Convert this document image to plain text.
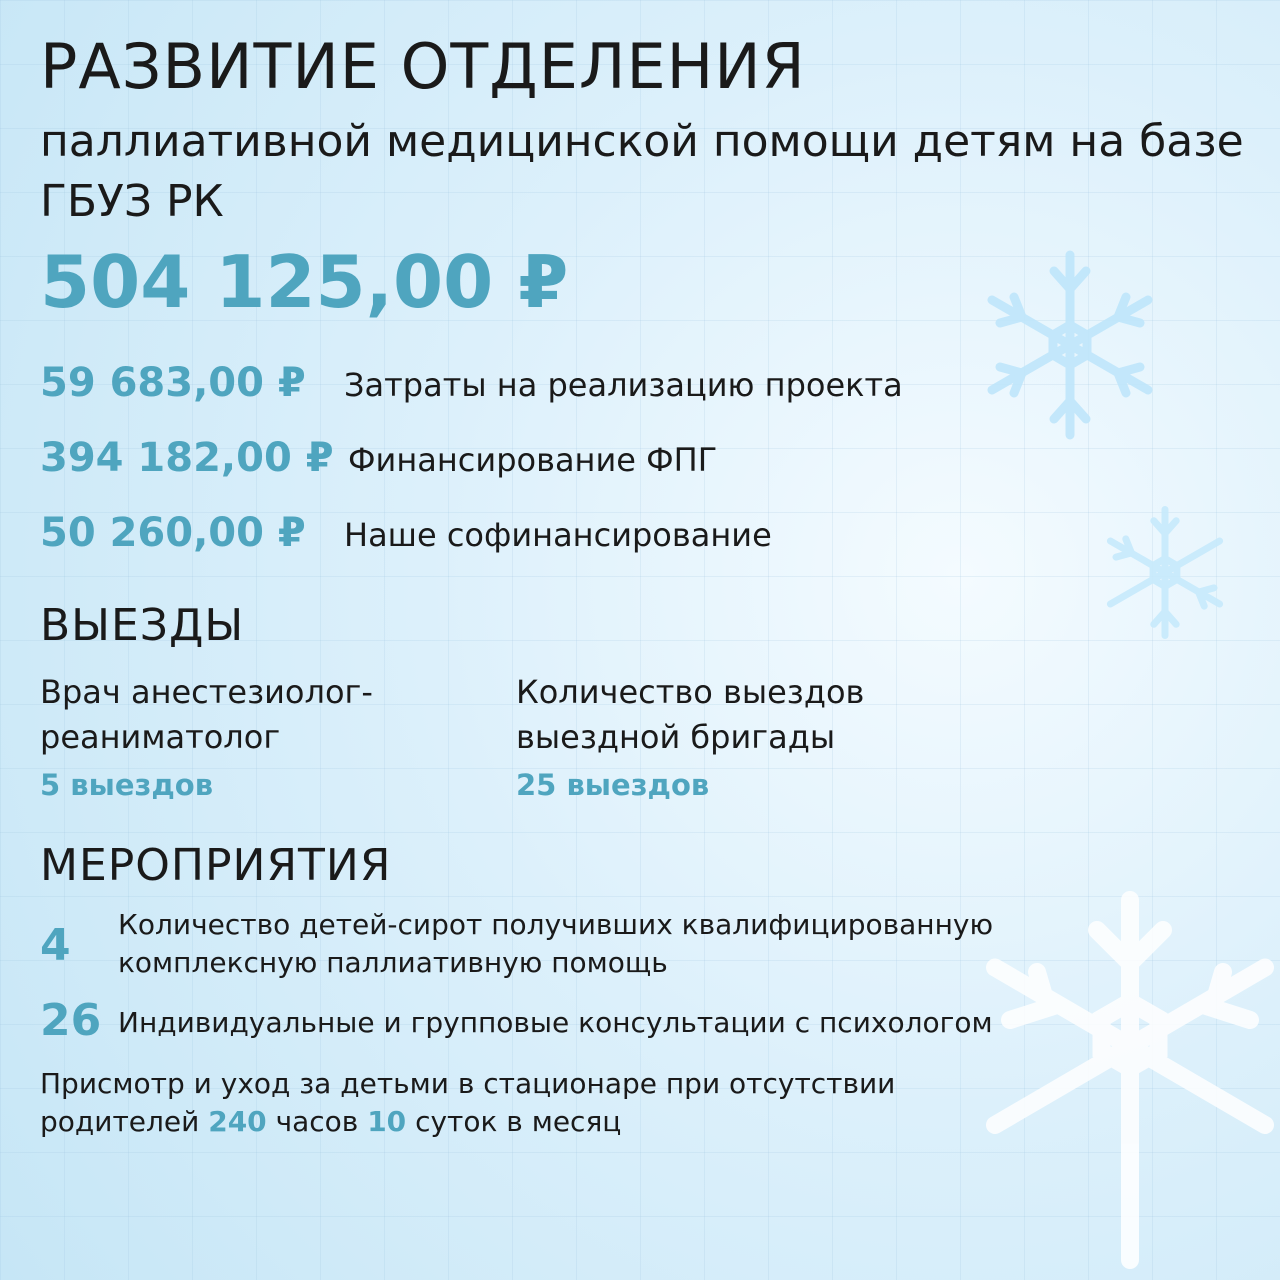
РАЗВИТИЕ ОТДЕЛЕНИЯ
паллиативной медицинской помощи детям на базе ГБУЗ РК
504 125,00 ₽
59 683,00 ₽ Затраты на реализацию проекта
394 182,00 ₽ Финансирование ФПГ
50 260,00 ₽ Наше софинансирование
ВЫЕЗДЫ
Врач анестезиолог-реаниматолог
5 выездов
Количество выездов выездной бригады
25 выездов
МЕРОПРИЯТИЯ
4 Количество детей-сирот получивших квалифицированную комплексную паллиативную помощь
26 Индивидуальные и групповые консультации с психологом
Присмотр и уход за детьми в стационаре при отсутствии родителей 240 часов 10 суток в месяц
